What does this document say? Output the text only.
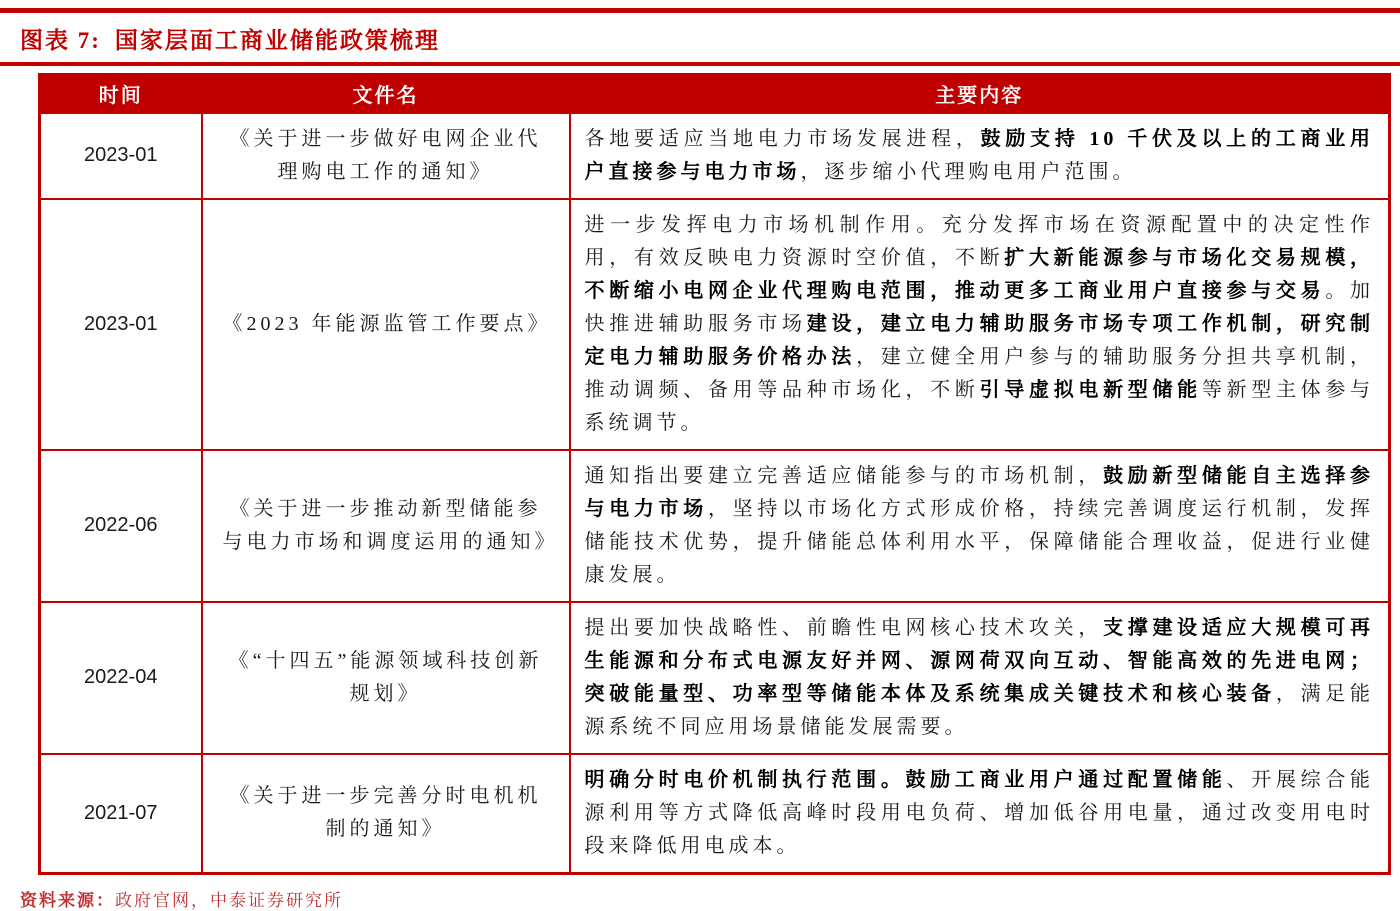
图表 7: 国家层面工商业储能政策梳理
时间	文件名	主要内容
2023-01	《关于进一步做好电网企业代理购电工作的通知》	各地要适应当地电力市场发展进程，鼓励支持 10 千伏及以上的工商业用户直接参与电力市场，逐步缩小代理购电用户范围。
2023-01	《2023 年能源监管工作要点》	进一步发挥电力市场机制作用。充分发挥市场在资源配置中的决定性作用，有效反映电力资源时空价值，不断扩大新能源参与市场化交易规模，不断缩小电网企业代理购电范围，推动更多工商业用户直接参与交易。加快推进辅助服务市场建设，建立电力辅助服务市场专项工作机制，研究制定电力辅助服务价格办法，建立健全用户参与的辅助服务分担共享机制，推动调频、备用等品种市场化，不断引导虚拟电新型储能等新型主体参与系统调节。
2022-06	《关于进一步推动新型储能参与电力市场和调度运用的通知》	通知指出要建立完善适应储能参与的市场机制，鼓励新型储能自主选择参与电力市场，坚持以市场化方式形成价格，持续完善调度运行机制，发挥储能技术优势，提升储能总体利用水平，保障储能合理收益，促进行业健康发展。
2022-04	《“十四五”能源领域科技创新规划》	提出要加快战略性、前瞻性电网核心技术攻关，支撑建设适应大规模可再生能源和分布式电源友好并网、源网荷双向互动、智能高效的先进电网；突破能量型、功率型等储能本体及系统集成关键技术和核心装备，满足能源系统不同应用场景储能发展需要。
2021-07	《关于进一步完善分时电机机制的通知》	明确分时电价机制执行范围。鼓励工商业用户通过配置储能、开展综合能源利用等方式降低高峰时段用电负荷、增加低谷用电量，通过改变用电时段来降低用电成本。
资料来源：政府官网，中泰证券研究所
